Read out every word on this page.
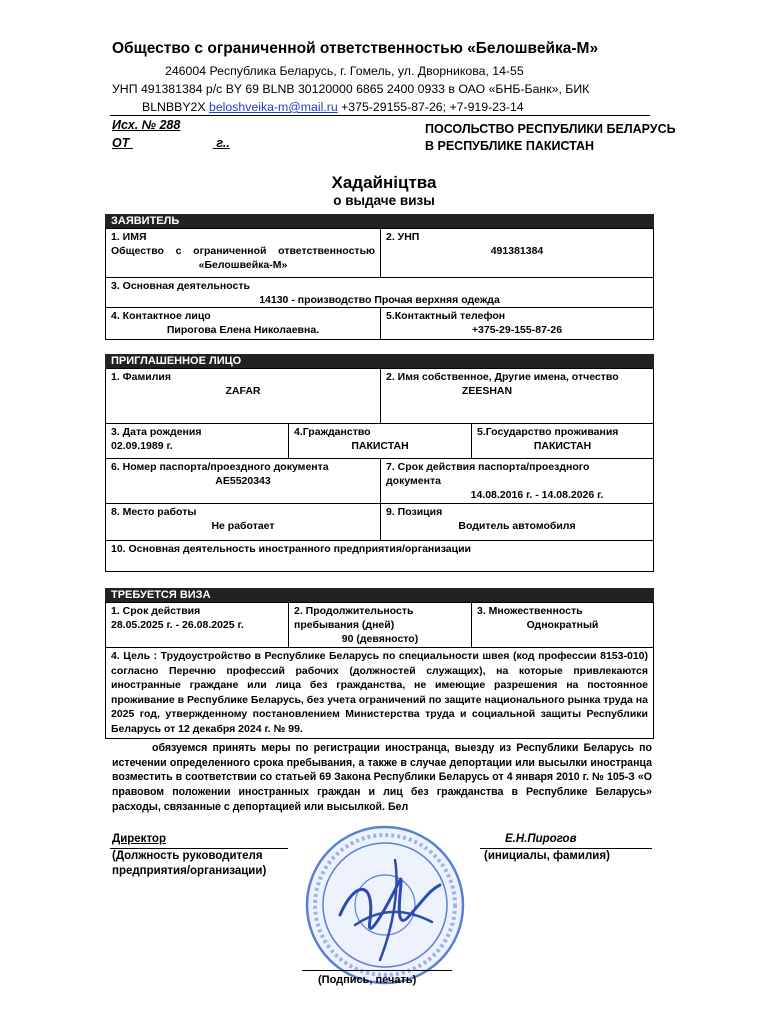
Общество с ограниченной ответственностью «Белошвейка-М»
246004 Республика Беларусь, г. Гомель, ул. Дворникова, 14-55
УНП 491381384 р/с BY 69 BLNB 30120000 6865 2400 0933 в ОАО «БНБ-Банк», БИК
BLNBBY2X beloshveika-m@mail.ru +375-29155-87-26; +7-919-23-14
Исх. № 288
ОТ	г..
ПОСОЛЬСТВО РЕСПУБЛИКИ БЕЛАРУСЬ
В РЕСПУБЛИКЕ ПАКИСТАН
Хадайніцтва
о выдаче визы
ЗАЯВИТЕЛЬ
1. ИМЯ
Общество с ограниченной ответственностью
«Белошвейка-М»
2. УНП
491381384
3. Основная деятельность
14130 - производство Прочая верхняя одежда
4. Контактное лицо
Пирогова Елена Николаевна.
5.Контактный телефон
+375-29-155-87-26
ПРИГЛАШЕННОЕ ЛИЦО
1. Фамилия
ZAFAR
2. Имя собственное, Другие имена, отчество
ZEESHAN
3. Дата рождения
02.09.1989 г.
4.Гражданство
ПАКИСТАН
5.Государство проживания
ПАКИСТАН
6. Номер паспорта/проездного документа
AE5520343
7. Срок действия паспорта/проездного
документа
14.08.2016 г. - 14.08.2026 г.
8. Место работы
Не работает
9. Позиция
Водитель автомобиля
10. Основная деятельность иностранного предприятия/организации
ТРЕБУЕТСЯ ВИЗА
1. Срок действия
28.05.2025 г. - 26.08.2025 г.
2. Продолжительность
пребывания (дней)
90 (девяносто)
3. Множественность
Однократный
4. Цель : Трудоустройство в Республике Беларусь по специальности швея (код профессии 8153-010) согласно Перечню профессий рабочих (должностей служащих), на которые привлекаются иностранные граждане или лица без гражданства, не имеющие разрешения на постоянное проживание в Республике Беларусь, без учета ограничений по защите национального рынка труда на 2025 год, утвержденному постановлением Министерства труда и социальной защиты Республики Беларусь от 12 декабря 2024 г. № 99.
обязуемся принять меры по регистрации иностранца, выезду из Республики Беларусь по истечении определенного срока пребывания, а также в случае депортации или высылки иностранца возместить в соответствии со статьей 69 Закона Республики Беларусь от 4 января 2010 г. № 105-З «О правовом положении иностранных граждан и лиц без гражданства в Республике Беларусь» расходы, связанные с депортацией или высылкой. Бел
Директор
(Должность руководителя
предприятия/организации)
Е.Н.Пирогов
(инициалы, фамилия)
(Подпись, печать)
